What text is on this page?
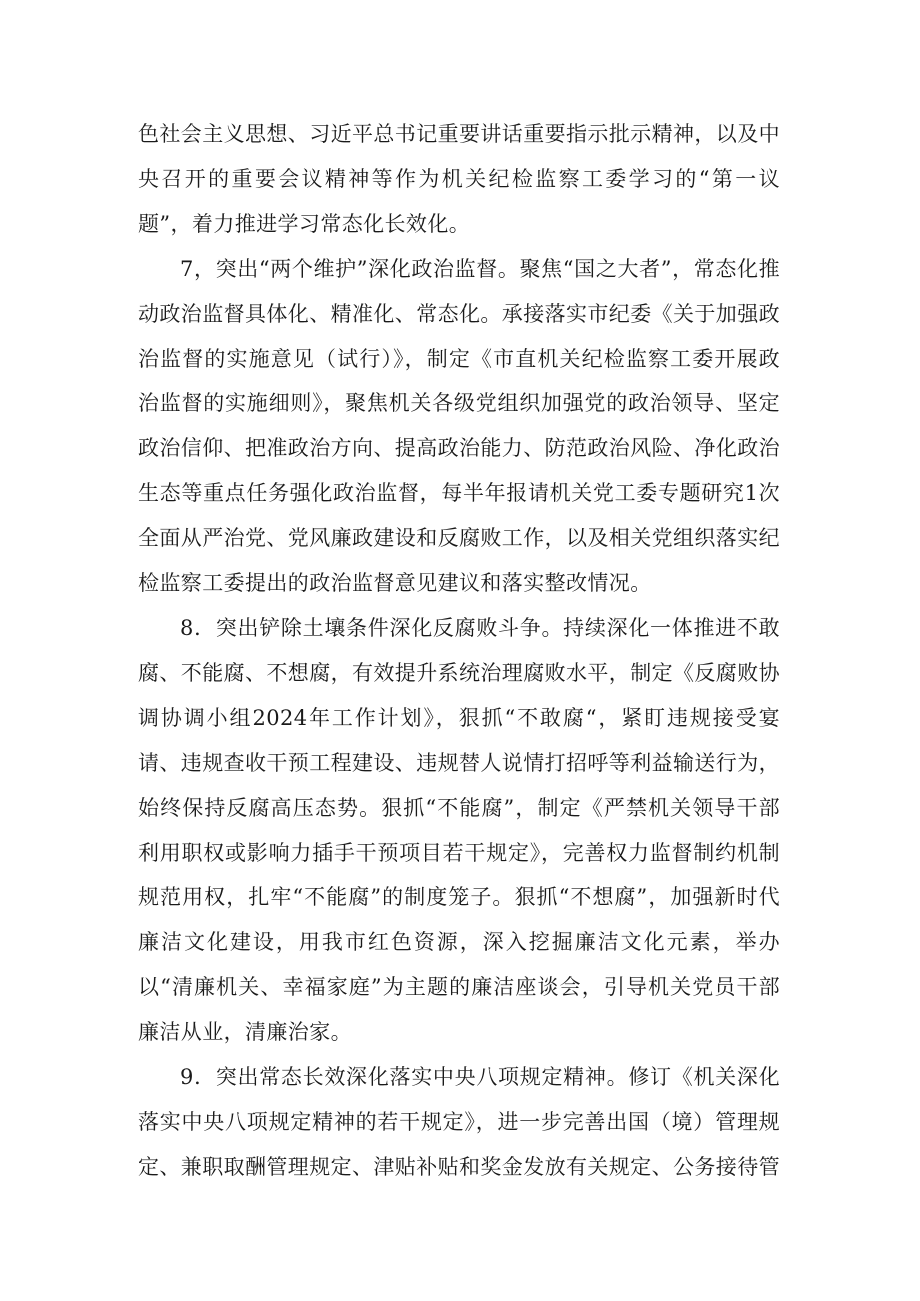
色社会主义思想、习近平总书记重要讲话重要指示批示精神，以及中央召开的重要会议精神等作为机关纪检监察工委学习的“第一议题”，着力推进学习常态化长效化。

7，突出“两个维护”深化政治监督。聚焦“国之大者”，常态化推动政治监督具体化、精准化、常态化。承接落实市纪委《关于加强政治监督的实施意见（试行）》，制定《市直机关纪检监察工委开展政治监督的实施细则》，聚焦机关各级党组织加强党的政治领导、坚定政治信仰、把准政治方向、提高政治能力、防范政治风险、净化政治生态等重点任务强化政治监督，每半年报请机关党工委专题研究1次全面从严治党、党风廉政建设和反腐败工作，以及相关党组织落实纪检监察工委提出的政治监督意见建议和落实整改情况。

8．突出铲除土壤条件深化反腐败斗争。持续深化一体推进不敢腐、不能腐、不想腐，有效提升系统治理腐败水平，制定《反腐败协调协调小组2024年工作计划》，狠抓“不敢腐“，紧盯违规接受宴请、违规查收干预工程建设、违规替人说情打招呼等利益输送行为，始终保持反腐高压态势。狠抓“不能腐”，制定《严禁机关领导干部利用职权或影响力插手干预项目若干规定》，完善权力监督制约机制规范用权，扎牢“不能腐”的制度笼子。狠抓“不想腐”，加强新时代廉洁文化建设，用我市红色资源，深入挖掘廉洁文化元素，举办以“清廉机关、幸福家庭”为主题的廉洁座谈会，引导机关党员干部廉洁从业，清廉治家。

9．突出常态长效深化落实中央八项规定精神。修订《机关深化落实中央八项规定精神的若干规定》，进一步完善出国（境）管理规定、兼职取酬管理规定、津贴补贴和奖金发放有关规定、公务接待管
